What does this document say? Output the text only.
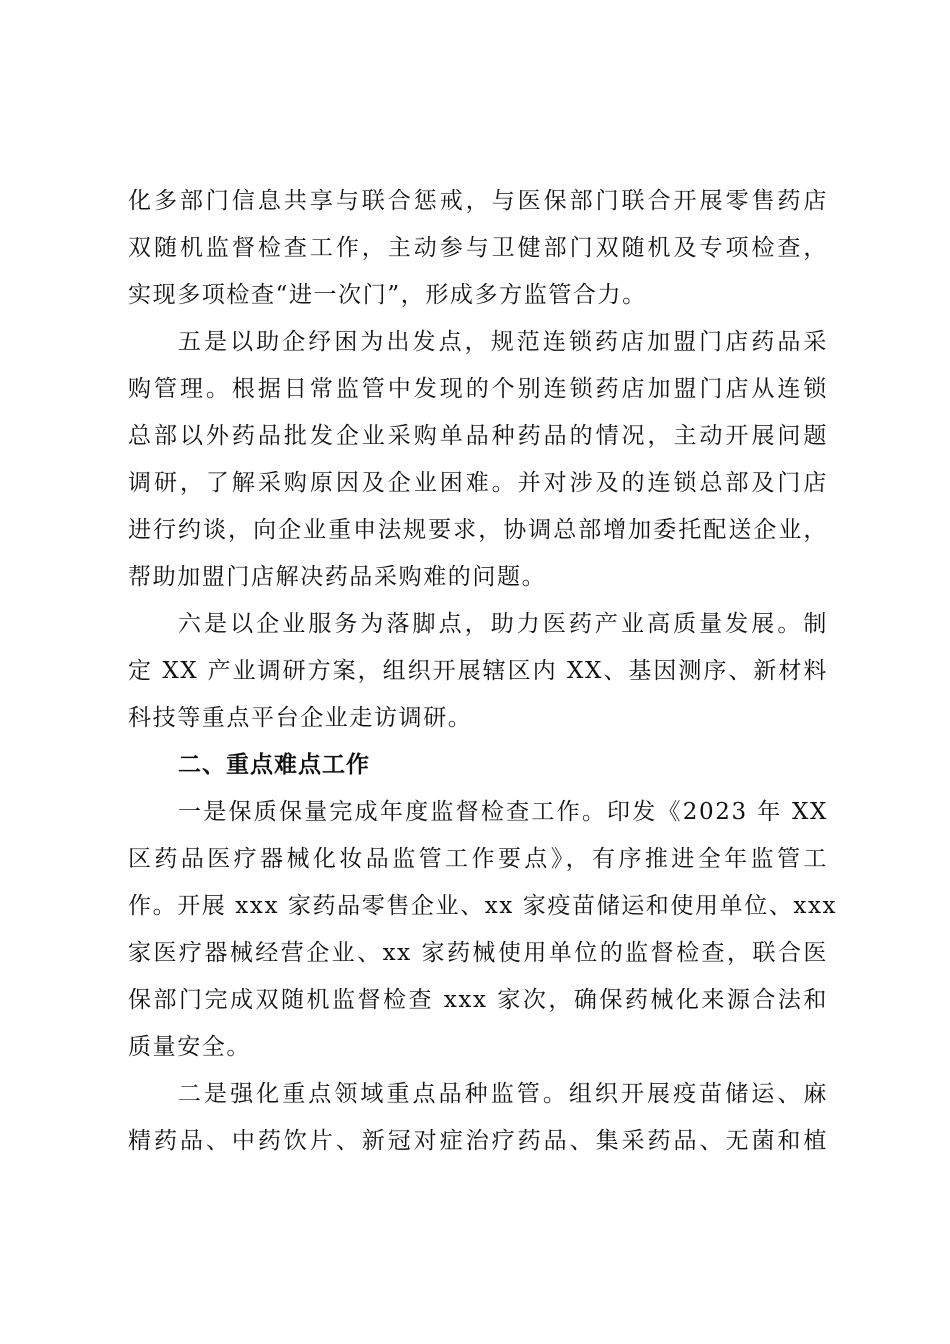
化多部门信息共享与联合惩戒，与医保部门联合开展零售药店
双随机监督检查工作，主动参与卫健部门双随机及专项检查，
实现多项检查“进一次门”，形成多方监管合力。
五是以助企纾困为出发点，规范连锁药店加盟门店药品采
购管理。根据日常监管中发现的个别连锁药店加盟门店从连锁
总部以外药品批发企业采购单品种药品的情况，主动开展问题
调研，了解采购原因及企业困难。并对涉及的连锁总部及门店
进行约谈，向企业重申法规要求，协调总部增加委托配送企业，
帮助加盟门店解决药品采购难的问题。
六是以企业服务为落脚点，助力医药产业高质量发展。制
定 XX 产业调研方案，组织开展辖区内 XX、基因测序、新材料
科技等重点平台企业走访调研。
二、重点难点工作
一是保质保量完成年度监督检查工作。印发《2023 年 XX
区药品医疗器械化妆品监管工作要点》，有序推进全年监管工
作。开展 xxx 家药品零售企业、xx 家疫苗储运和使用单位、xxx
家医疗器械经营企业、xx 家药械使用单位的监督检查，联合医
保部门完成双随机监督检查 xxx 家次，确保药械化来源合法和
质量安全。
二是强化重点领域重点品种监管。组织开展疫苗储运、麻
精药品、中药饮片、新冠对症治疗药品、集采药品、无菌和植
